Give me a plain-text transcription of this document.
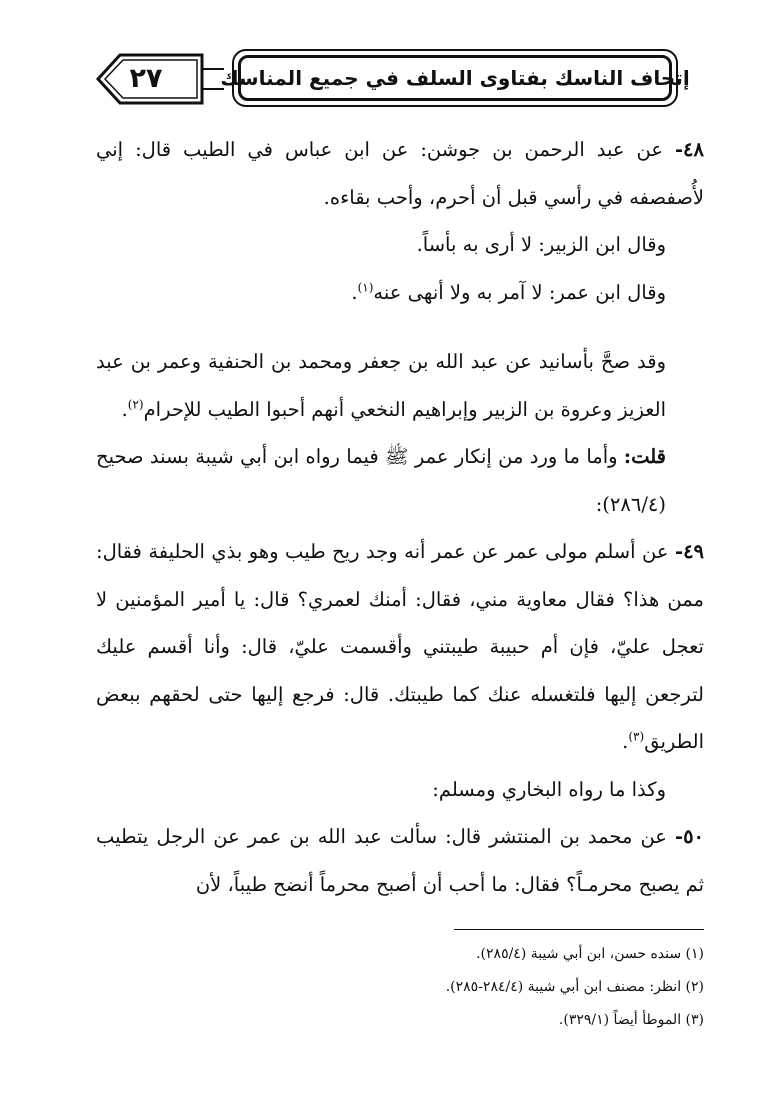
٢٧	إتحاف الناسك بفتاوى السلف في جميع المناسك

٤٨- عن عبد الرحمن بن جوشن: عن ابن عباس في الطيب قال: إني لأُصفصفه في رأسي قبل أن أحرم، وأحب بقاءه.

وقال ابن الزبير: لا أرى به بأساً.

وقال ابن عمر: لا آمر به ولا أنهى عنه$^{(١)}$.

وقد صحَّ بأسانيد عن عبد الله بن جعفر ومحمد بن الحنفية وعمر بن عبد العزيز وعروة بن الزبير وإبراهيم النخعي أنهم أحبوا الطيب للإحرام$^{(٢)}$.

قلت: وأما ما ورد من إنكار عمر ﷺ فيما رواه ابن أبي شيبة بسند صحيح (٢٨٦/٤):

٤٩- عن أسلم مولى عمر عن عمر أنه وجد ريح طيب وهو بذي الحليفة فقال: ممن هذا؟ فقال معاوية مني، فقال: أمنك لعمري؟ قال: يا أمير المؤمنين لا تعجل عليّ، فإن أم حبيبة طيبتني وأقسمت عليّ، قال: وأنا أقسم عليك لترجعن إليها فلتغسله عنك كما طيبتك. قال: فرجع إليها حتى لحقهم ببعض الطريق$^{(٣)}$.

وكذا ما رواه البخاري ومسلم:

٥٠- عن محمد بن المنتشر قال: سألت عبد الله بن عمر عن الرجل يتطيب ثم يصبح محرمـاً؟ فقال: ما أحب أن أصبح محرماً أنضح طيباً، لأن

(١) سنده حسن، ابن أبي شيبة (٢٨٥/٤).

(٢) انظر: مصنف ابن أبي شيبة (٢٨٤/٤-٢٨٥).

(٣) الموطأ أيضاً (٣٢٩/١).
